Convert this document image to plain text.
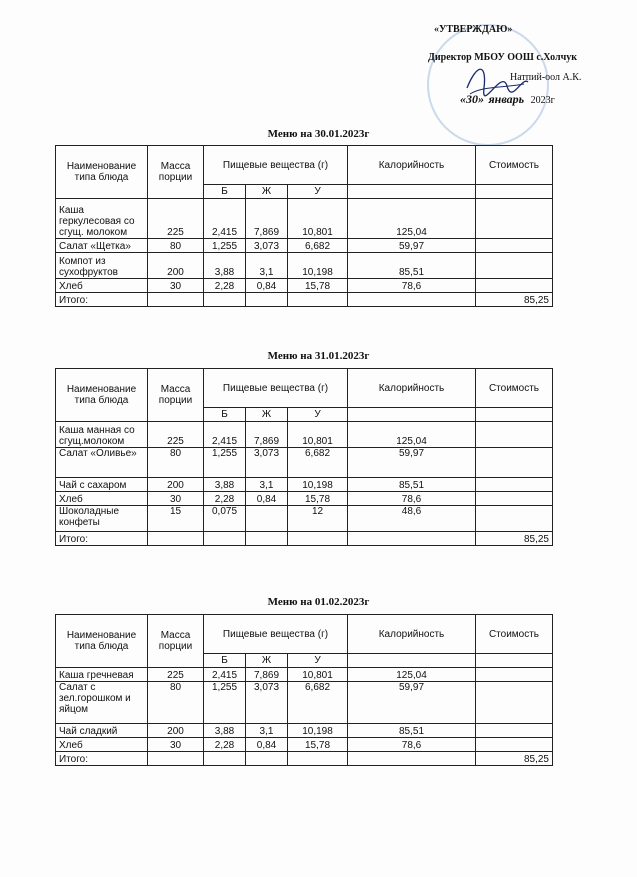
«УТВЕРЖДАЮ»
Директор МБОУ ООШ с.Холчук
Натпий-оол А.К.
«30» январь 2023г
Меню на 30.01.2023г
Наименование типа блюда	Масса порции	Пищевые вещества (г)			Калорийность	Стоимость
		Б	Ж	У		
Каша геркулесовая со сгущ. молоком	225	2,415	7,869	10,801	125,04	
Салат «Щетка»	80	1,255	3,073	6,682	59,97	
Компот из сухофруктов	200	3,88	3,1	10,198	85,51	
Хлеб	30	2,28	0,84	15,78	78,6	
Итого:						85,25
Меню на 31.01.2023г
Наименование типа блюда	Масса порции	Пищевые вещества (г)			Калорийность	Стоимость
		Б	Ж	У		
Каша манная со сгущ.молоком	225	2,415	7,869	10,801	125,04	
Салат «Оливье»	80	1,255	3,073	6,682	59,97	
Чай с сахаром	200	3,88	3,1	10,198	85,51	
Хлеб	30	2,28	0,84	15,78	78,6	
Шоколадные конфеты	15	0,075		12	48,6	
Итого:						85,25
Меню на 01.02.2023г
Наименование типа блюда	Масса порции	Пищевые вещества (г)			Калорийность	Стоимость
		Б	Ж	У		
Каша гречневая	225	2,415	7,869	10,801	125,04	
Салат с зел.горошком и яйцом	80	1,255	3,073	6,682	59,97	
Чай сладкий	200	3,88	3,1	10,198	85,51	
Хлеб	30	2,28	0,84	15,78	78,6	
Итого:						85,25
